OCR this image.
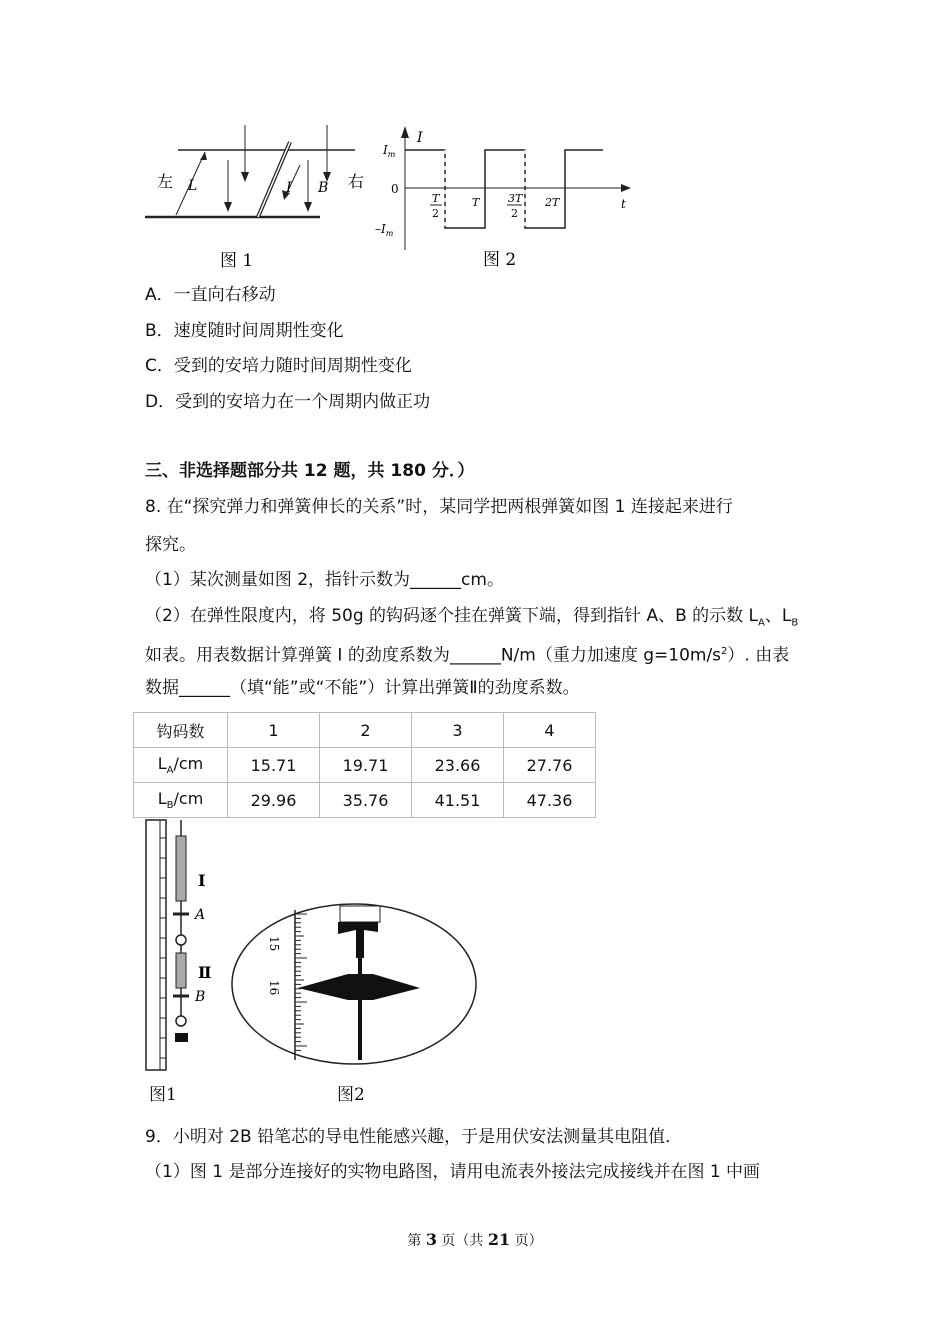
L	I B
左	右
图 1
I
$I_m$
$-I_m$
0
t
T
2
T	3T
2
2T
图 2
A．一直向右移动
B．速度随时间周期性变化
C．受到的安培力随时间周期性变化
D．受到的安培力在一个周期内做正功
三、非选择题部分共 12 题，共 180 分．）
8. 在“探究弹力和弹簧伸长的关系”时，某同学把两根弹簧如图 1 连接起来进行
探究。
（1）某次测量如图 2，指针示数为______cm。
（2）在弹性限度内，将 50g 的钩码逐个挂在弹簧下端，得到指针 A、B 的示数 $L_A$、$L_B$
如表。用表数据计算弹簧 I 的劲度系数为______N/m（重力加速度 $g=10m/s^2$）. 由表
数据______（填“能”或“不能”）计算出弹簧Ⅱ的劲度系数。
钩码数	1	2	3	4
$L_A/cm$	15.71	19.71	23.66	27.76
$L_B/cm$	29.96	35.76	41.51	47.36
Ⅰ
A
Ⅱ
B
15
16
图1	图2
9．小明对 2B 铅笔芯的导电性能感兴趣，于是用伏安法测量其电阻值．
（1）图 1 是部分连接好的实物电路图，请用电流表外接法完成接线并在图 1 中画
第 3 页（共 21 页）
